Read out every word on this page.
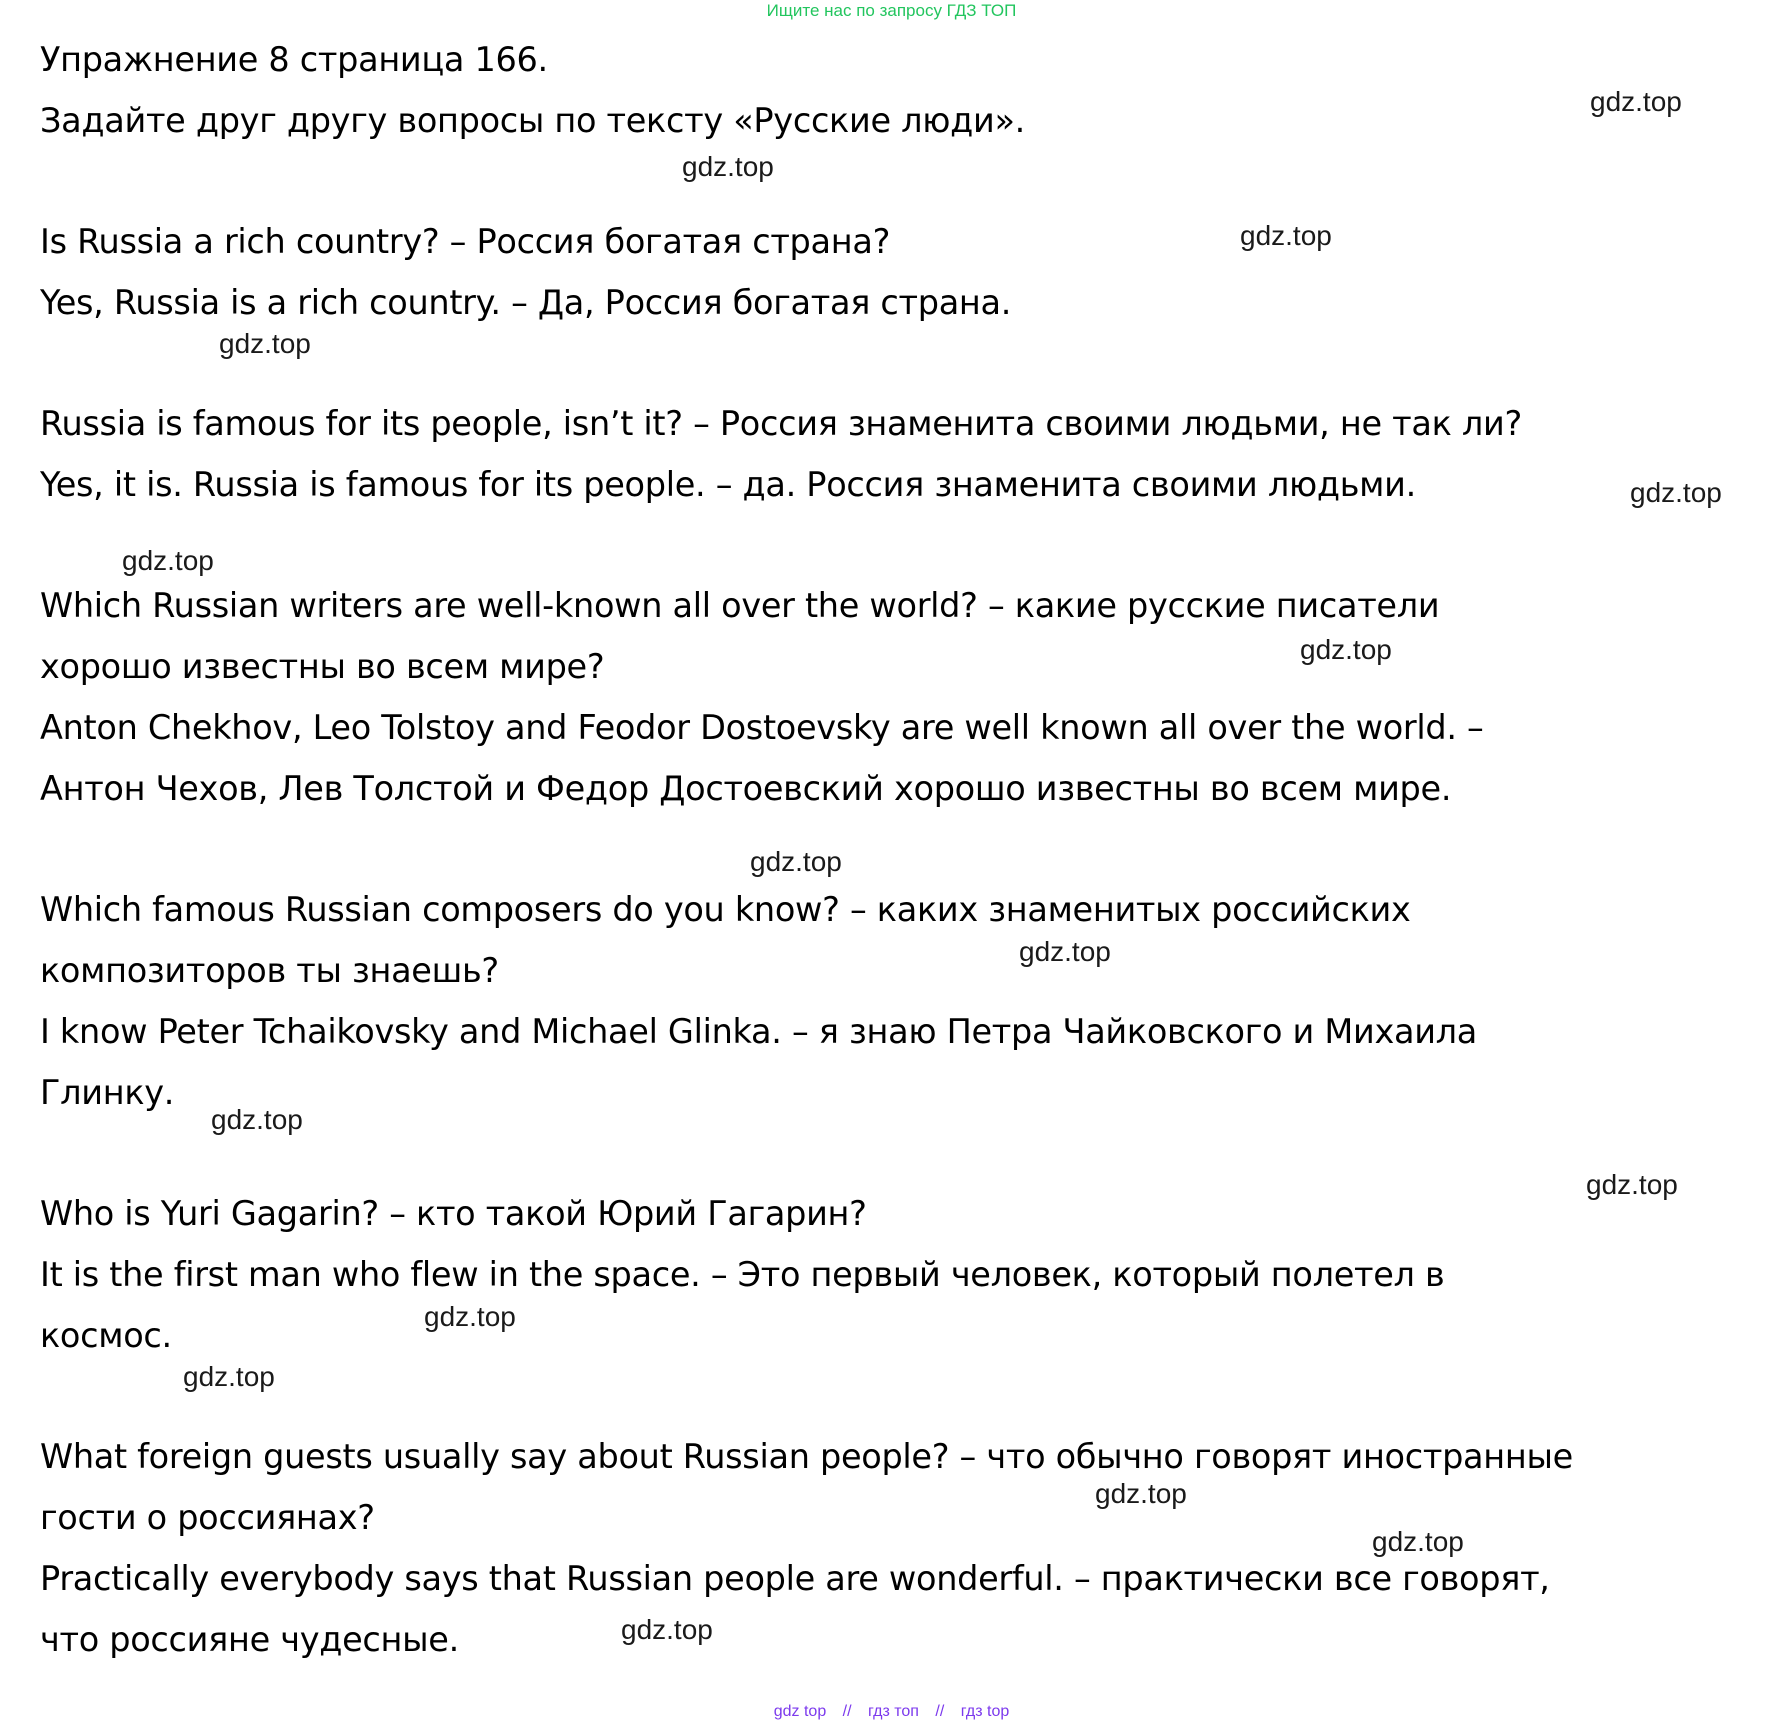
Ищите нас по запросу ГДЗ ТОП
Упражнение 8 страница 166.
Задайте друг другу вопросы по тексту «Русские люди».
Is Russia a rich country? – Россия богатая страна?
Yes, Russia is a rich country. – Да, Россия богатая страна.
Russia is famous for its people, isn’t it? – Россия знаменита своими людьми, не так ли?
Yes, it is. Russia is famous for its people. – да. Россия знаменита своими людьми.
Which Russian writers are well-known all over the world? – какие русские писатели
хорошо известны во всем мире?
Anton Chekhov, Leo Tolstoy and Feodor Dostoevsky are well known all over the world. –
Антон Чехов, Лев Толстой и Федор Достоевский хорошо известны во всем мире.
Which famous Russian composers do you know? – каких знаменитых российских
композиторов ты знаешь?
I know Peter Tchaikovsky and Michael Glinka. – я знаю Петра Чайковского и Михаила
Глинку.
Who is Yuri Gagarin? – кто такой Юрий Гагарин?
It is the first man who flew in the space. – Это первый человек, который полетел в
космос.
What foreign guests usually say about Russian people? – что обычно говорят иностранные
гости о россиянах?
Practically everybody says that Russian people are wonderful. – практически все говорят,
что россияне чудесные.
gdz.top
gdz.top
gdz.top
gdz.top
gdz.top
gdz.top
gdz.top
gdz.top
gdz.top
gdz.top
gdz.top
gdz.top
gdz.top
gdz.top
gdz.top
gdz.top
gdz top // гдз топ // гдз top
